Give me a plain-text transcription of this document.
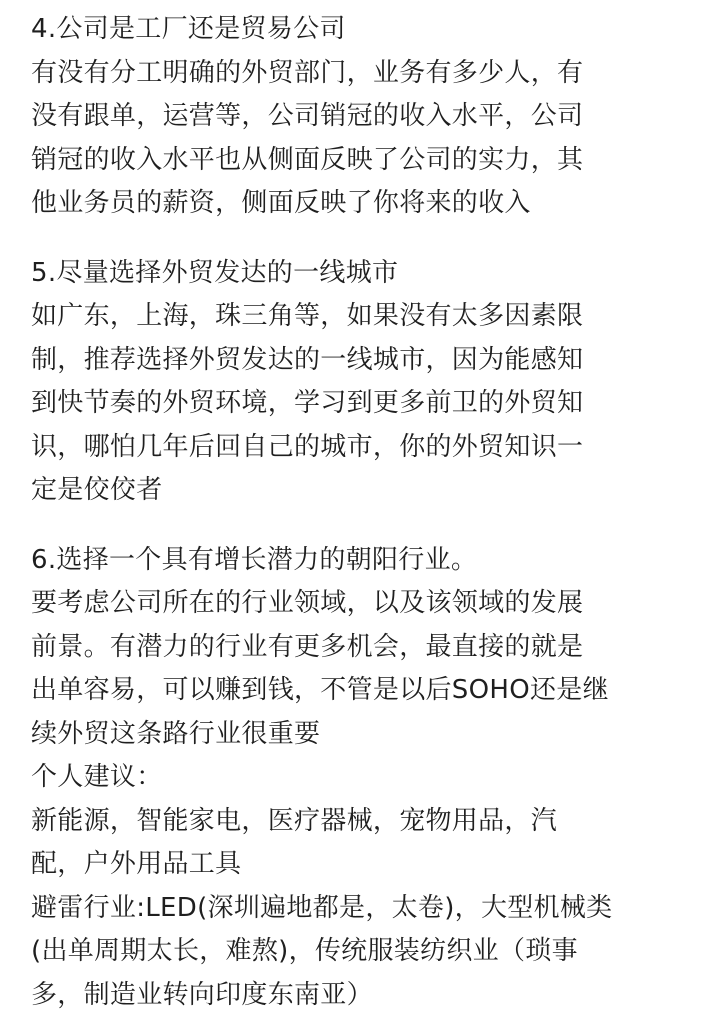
4.公司是工厂还是贸易公司
有没有分工明确的外贸部门，业务有多少人，有
没有跟单，运营等，公司销冠的收入水平，公司
销冠的收入水平也从侧面反映了公司的实力，其
他业务员的薪资，侧面反映了你将来的收入
5.尽量选择外贸发达的一线城市
如广东，上海，珠三角等，如果没有太多因素限
制，推荐选择外贸发达的一线城市，因为能感知
到快节奏的外贸环境，学习到更多前卫的外贸知
识，哪怕几年后回自己的城市，你的外贸知识一
定是佼佼者
6.选择一个具有增长潜力的朝阳行业。
要考虑公司所在的行业领域，以及该领域的发展
前景。有潜力的行业有更多机会，最直接的就是
出单容易，可以赚到钱，不管是以后SOHO还是继
续外贸这条路行业很重要
个人建议：
新能源，智能家电，医疗器械，宠物用品，汽
配，户外用品工具
避雷行业:LED(深圳遍地都是，太卷)，大型机械类
(出单周期太长，难熬)，传统服装纺织业（琐事
多，制造业转向印度东南亚）
